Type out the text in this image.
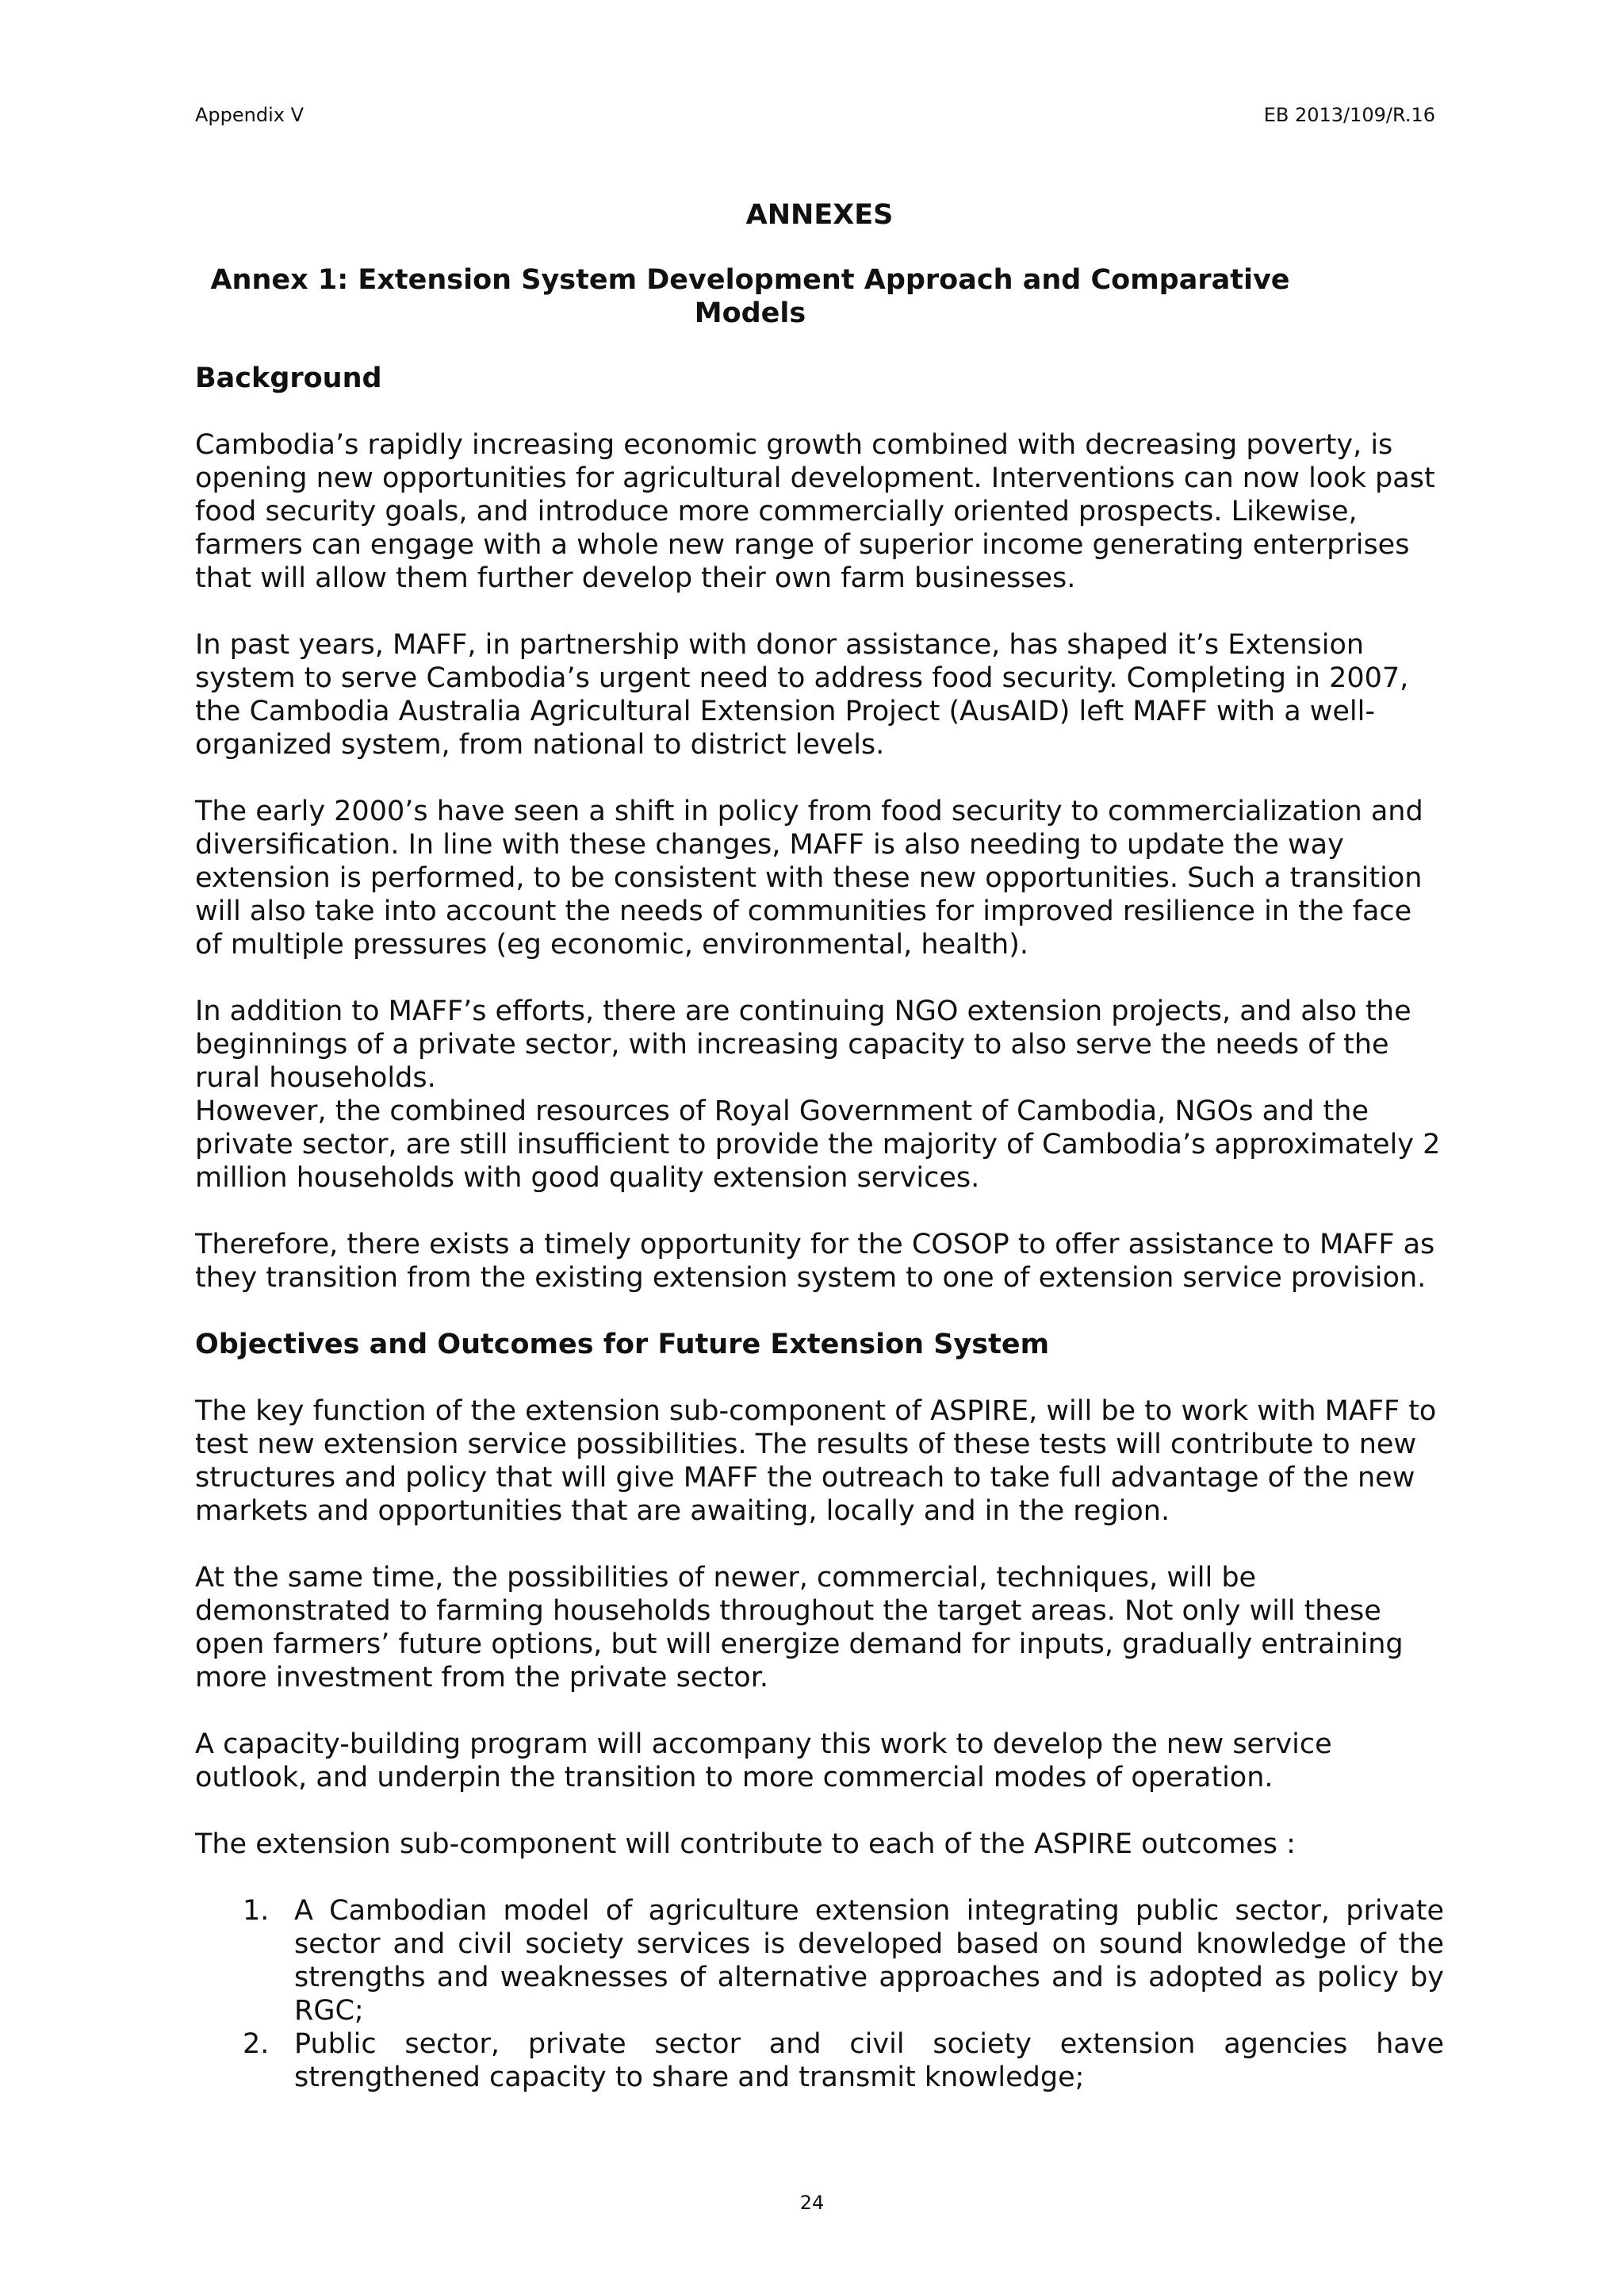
Appendix V	EB 2013/109/R.16
ANNEXES
Annex 1: Extension System Development Approach and Comparative Models
Background

Cambodia’s rapidly increasing economic growth combined with decreasing poverty, is opening new opportunities for agricultural development. Interventions can now look past food security goals, and introduce more commercially oriented prospects. Likewise, farmers can engage with a whole new range of superior income generating enterprises that will allow them further develop their own farm businesses.

In past years, MAFF, in partnership with donor assistance, has shaped it’s Extension system to serve Cambodia’s urgent need to address food security. Completing in 2007, the Cambodia Australia Agricultural Extension Project (AusAID) left MAFF with a well-organized system, from national to district levels.

The early 2000’s have seen a shift in policy from food security to commercialization and diversification. In line with these changes, MAFF is also needing to update the way extension is performed, to be consistent with these new opportunities. Such a transition will also take into account the needs of communities for improved resilience in the face of multiple pressures (eg economic, environmental, health).

In addition to MAFF’s efforts, there are continuing NGO extension projects, and also the beginnings of a private sector, with increasing capacity to also serve the needs of the rural households.

However, the combined resources of Royal Government of Cambodia, NGOs and the private sector, are still insufficient to provide the majority of Cambodia’s approximately 2 million households with good quality extension services.

Therefore, there exists a timely opportunity for the COSOP to offer assistance to MAFF as they transition from the existing extension system to one of extension service provision.

Objectives and Outcomes for Future Extension System

The key function of the extension sub-component of ASPIRE, will be to work with MAFF to test new extension service possibilities. The results of these tests will contribute to new structures and policy that will give MAFF the outreach to take full advantage of the new markets and opportunities that are awaiting, locally and in the region.

At the same time, the possibilities of newer, commercial, techniques, will be demonstrated to farming households throughout the target areas. Not only will these open farmers’ future options, but will energize demand for inputs, gradually entraining more investment from the private sector.

A capacity-building program will accompany this work to develop the new service outlook, and underpin the transition to more commercial modes of operation.

The extension sub-component will contribute to each of the ASPIRE outcomes :

1. A Cambodian model of agriculture extension integrating public sector, private sector and civil society services is developed based on sound knowledge of the strengths and weaknesses of alternative approaches and is adopted as policy by RGC;
2. Public sector, private sector and civil society extension agencies have strengthened capacity to share and transmit knowledge;
24
